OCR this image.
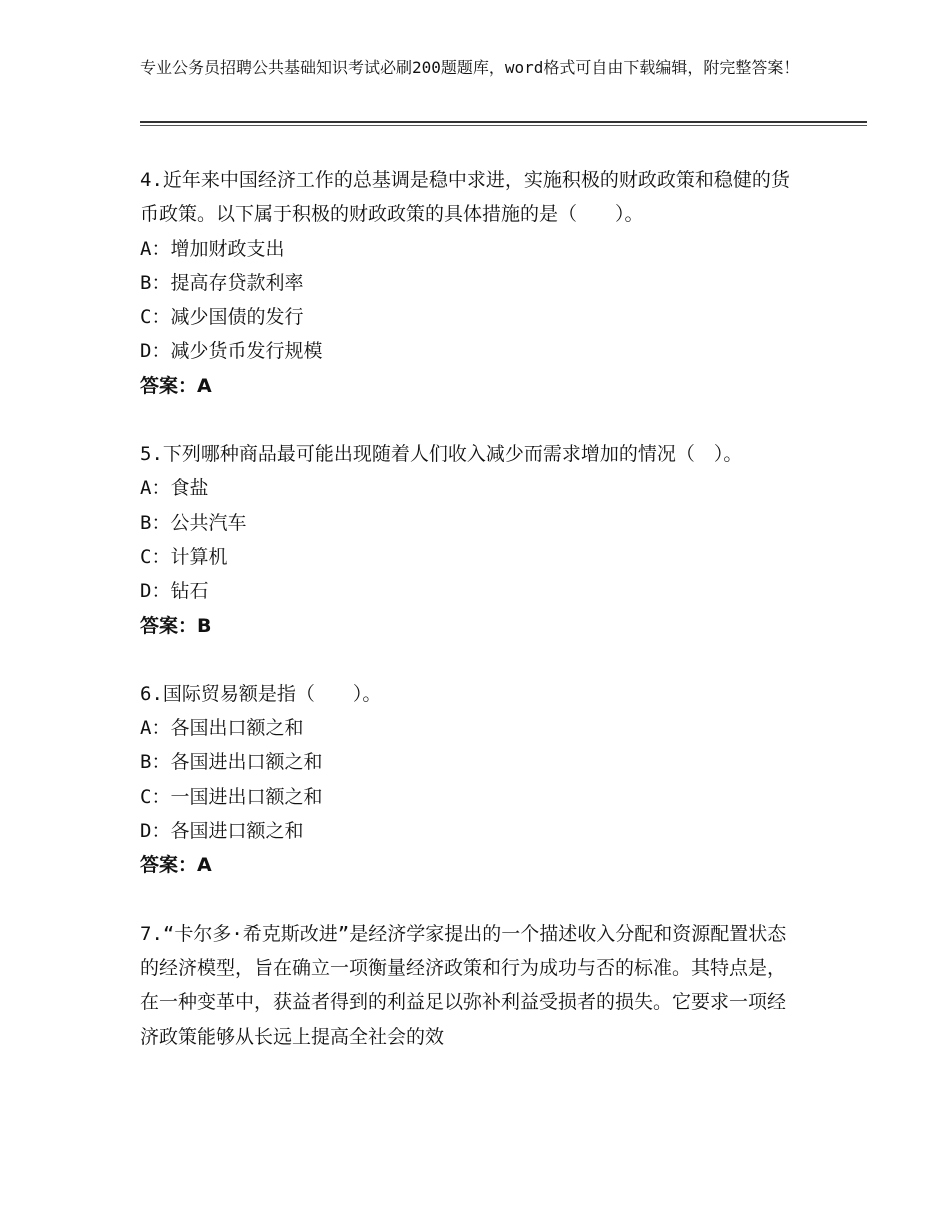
专业公务员招聘公共基础知识考试必刷200题题库，word格式可自由下载编辑，附完整答案！
4.近年来中国经济工作的总基调是稳中求进，实施积极的财政政策和稳健的货币政策。以下属于积极的财政政策的具体措施的是（　　）。
A：增加财政支出
B：提高存贷款利率
C：减少国债的发行
D：减少货币发行规模
答案：A
5.下列哪种商品最可能出现随着人们收入减少而需求增加的情况（　）。
A：食盐
B：公共汽车
C：计算机
D：钻石
答案：B
6.国际贸易额是指（　　）。
A：各国出口额之和
B：各国进出口额之和
C：一国进出口额之和
D：各国进口额之和
答案：A
7.“卡尔多·希克斯改进”是经济学家提出的一个描述收入分配和资源配置状态的经济模型，旨在确立一项衡量经济政策和行为成功与否的标准。其特点是，在一种变革中，获益者得到的利益足以弥补利益受损者的损失。它要求一项经济政策能够从长远上提高全社会的效
